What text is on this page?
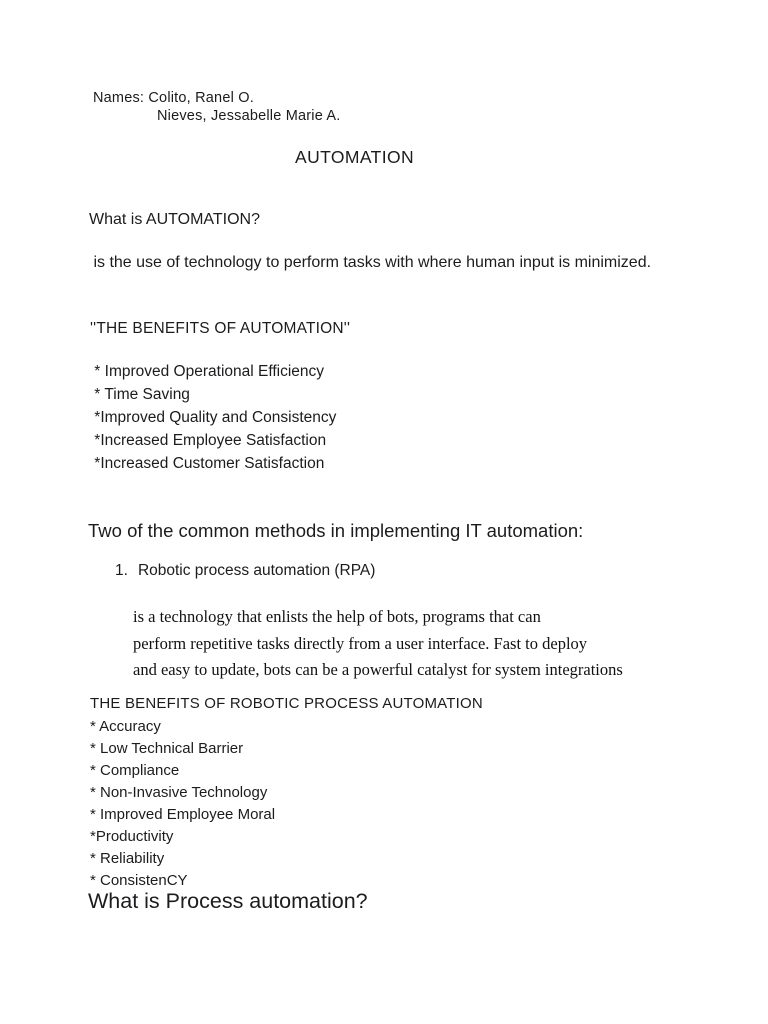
Names: Colito, Ranel O.
Nieves, Jessabelle Marie A.
AUTOMATION
What is AUTOMATION?
is the use of technology to perform tasks with where human input is minimized.
''THE BENEFITS OF AUTOMATION''
* Improved Operational Efficiency
* Time Saving
*Improved Quality and Consistency
*Increased Employee Satisfaction
*Increased Customer Satisfaction
Two of the common methods in implementing IT automation:
1. Robotic process automation (RPA)
is a technology that enlists the help of bots, programs that can
perform repetitive tasks directly from a user interface. Fast to deploy
and easy to update, bots can be a powerful catalyst for system integrations
THE BENEFITS OF ROBOTIC PROCESS AUTOMATION
* Accuracy
* Low Technical Barrier
* Compliance
* Non-Invasive Technology
* Improved Employee Moral
*Productivity
* Reliability
* ConsistenCY
What is Process automation?
